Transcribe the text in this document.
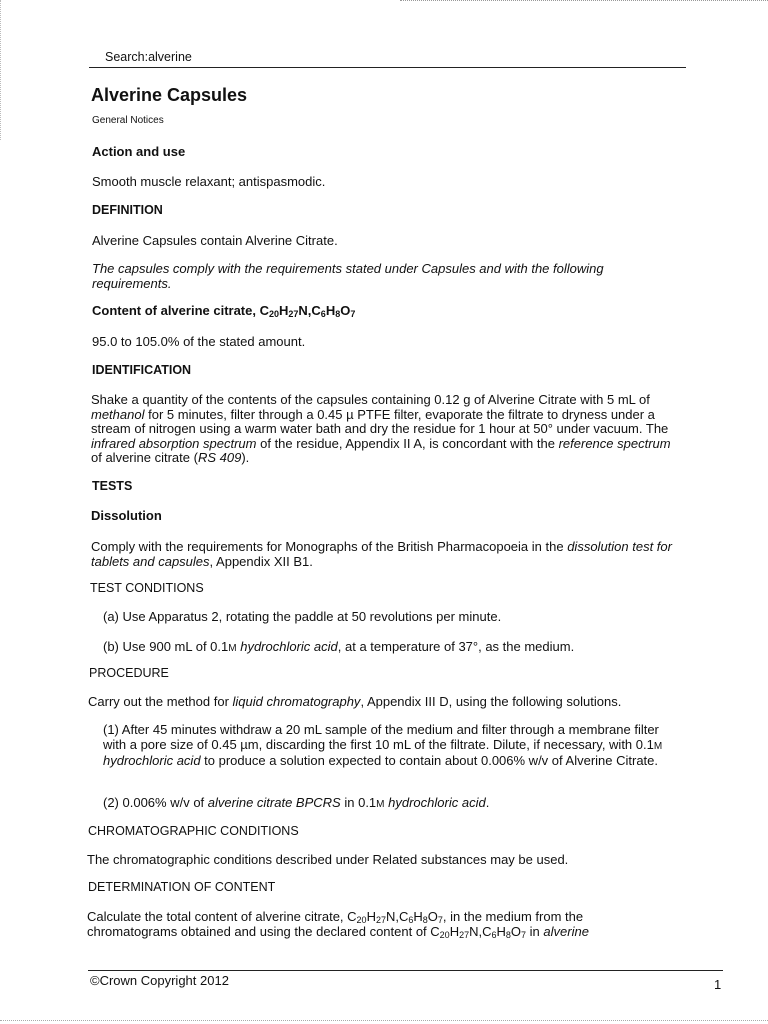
Search:alverine
Alverine Capsules
General Notices
Action and use
Smooth muscle relaxant; antispasmodic.
DEFINITION
Alverine Capsules contain Alverine Citrate.
The capsules comply with the requirements stated under Capsules and with the following requirements.
Content of alverine citrate, $C_{20}H_{27}N,C_6H_8O_7$
95.0 to 105.0% of the stated amount.
IDENTIFICATION
Shake a quantity of the contents of the capsules containing 0.12 g of Alverine Citrate with 5 mL of methanol for 5 minutes, filter through a 0.45 µ PTFE filter, evaporate the filtrate to dryness under a stream of nitrogen using a warm water bath and dry the residue for 1 hour at 50° under vacuum. The infrared absorption spectrum of the residue, Appendix II A, is concordant with the reference spectrum of alverine citrate (RS 409).
TESTS
Dissolution
Comply with the requirements for Monographs of the British Pharmacopoeia in the dissolution test for tablets and capsules, Appendix XII B1.
TEST CONDITIONS
(a) Use Apparatus 2, rotating the paddle at 50 revolutions per minute.
(b) Use 900 mL of 0.1M hydrochloric acid, at a temperature of 37°, as the medium.
PROCEDURE
Carry out the method for liquid chromatography, Appendix III D, using the following solutions.
(1) After 45 minutes withdraw a 20 mL sample of the medium and filter through a membrane filter with a pore size of 0.45 µm, discarding the first 10 mL of the filtrate. Dilute, if necessary, with 0.1M hydrochloric acid to produce a solution expected to contain about 0.006% w/v of Alverine Citrate.
(2) 0.006% w/v of alverine citrate BPCRS in 0.1M hydrochloric acid.
CHROMATOGRAPHIC CONDITIONS
The chromatographic conditions described under Related substances may be used.
DETERMINATION OF CONTENT
Calculate the total content of alverine citrate, $C_{20}H_{27}N,C_6H_8O_7$, in the medium from the chromatograms obtained and using the declared content of $C_{20}H_{27}N,C_6H_8O_7$ in alverine
©Crown Copyright 2012	1
